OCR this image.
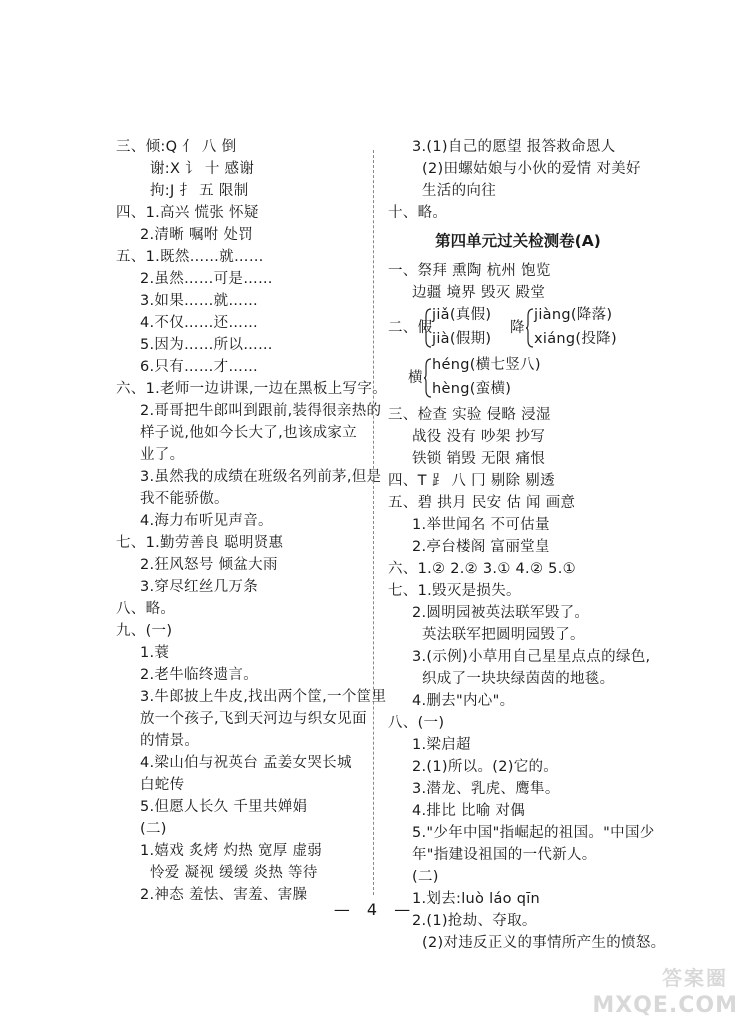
三、倾:Q 亻 八 倒
谢:X 讠 十 感谢
拘:J 扌 五 限制
四、1.高兴 慌张 怀疑
2.清晰 嘱咐 处罚
五、1.既然……就……
2.虽然……可是……
3.如果……就……
4.不仅……还……
5.因为……所以……
6.只有……才……
六、1.老师一边讲课,一边在黑板上写字。
2.哥哥把牛郎叫到跟前,装得很亲热的
样子说,他如今长大了,也该成家立
业了。
3.虽然我的成绩在班级名列前茅,但是
我不能骄傲。
4.海力布听见声音。
七、1.勤劳善良 聪明贤惠
2.狂风怒号 倾盆大雨
3.穿尽红丝几万条
八、略。
九、(一)
1.蓑
2.老牛临终遗言。
3.牛郎披上牛皮,找出两个筐,一个筐里
放一个孩子,飞到天河边与织女见面
的情景。
4.梁山伯与祝英台 孟姜女哭长城
白蛇传
5.但愿人长久 千里共婵娟
(二)
1.嬉戏 炙烤 灼热 宽厚 虚弱
怜爱 凝视 缓缓 炎热 等待
2.神态 羞怯、害羞、害臊
3.(1)自己的愿望 报答救命恩人
(2)田螺姑娘与小伙的爱情 对美好
生活的向往
十、略。
第四单元过关检测卷(A)
一、祭拜 熏陶 杭州 饱览
边疆 境界 毁灭 殿堂
二、假
jiǎ(真假)
jià(假期)
降
jiàng(降落)
xiáng(投降)
横
héng(横七竖八)
hèng(蛮横)
三、检查 实验 侵略 浸湿
战役 没有 吵架 抄写
铁锁 销毁 无限 痛恨
四、T ⻊ 八 冂 剔除 剔透
五、碧 拱月 民安 估 闻 画意
1.举世闻名 不可估量
2.亭台楼阁 富丽堂皇
六、1.② 2.② 3.① 4.② 5.①
七、1.毁灭是损失。
2.圆明园被英法联军毁了。
英法联军把圆明园毁了。
3.(示例)小草用自己星星点点的绿色,
织成了一块块绿茵茵的地毯。
4.删去"内心"。
八、(一)
1.梁启超
2.(1)所以。(2)它的。
3.潜龙、乳虎、鹰隼。
4.排比 比喻 对偶
5."少年中国"指崛起的祖国。"中国少
年"指建设祖国的一代新人。
(二)
1.划去:luò láo qīn
2.(1)抢劫、夺取。
(2)对违反正义的事情所产生的愤怒。
— 4 —
答案圈
MXQE.COM
